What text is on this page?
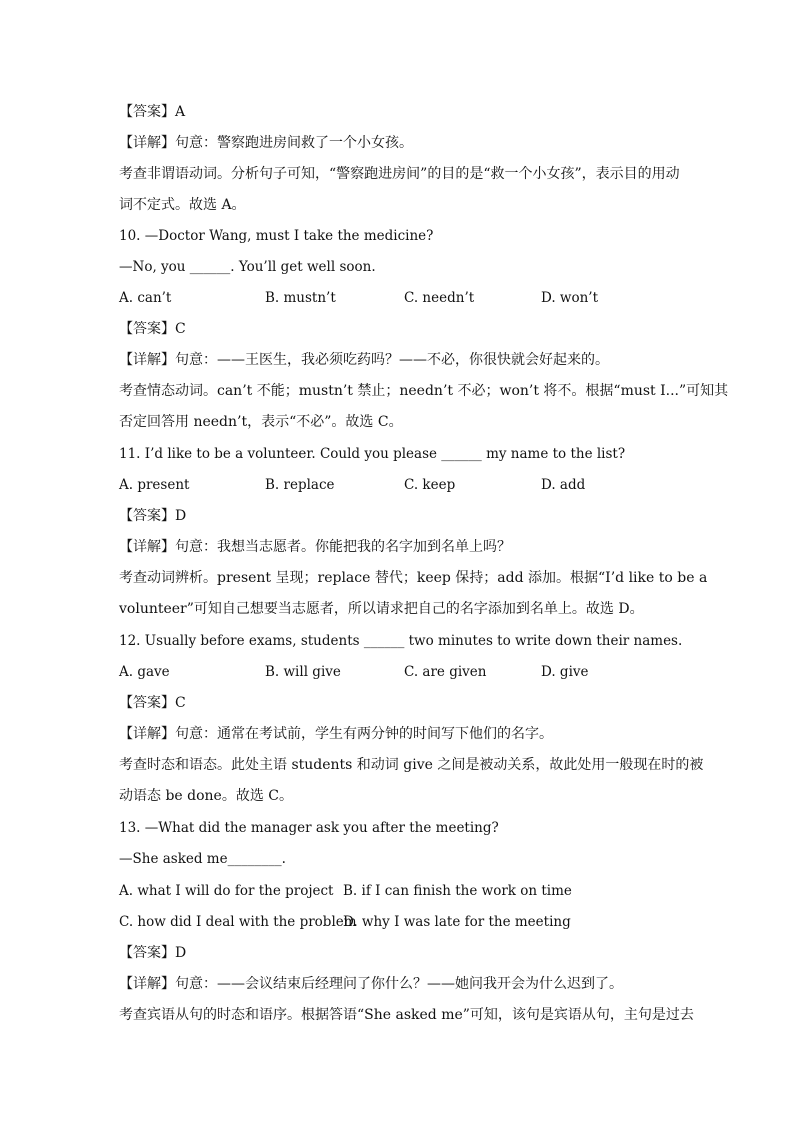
【答案】A
【详解】句意：警察跑进房间救了一个小女孩。
考查非谓语动词。分析句子可知，“警察跑进房间”的目的是“救一个小女孩”，表示目的用动
词不定式。故选 A。
10. —Doctor Wang, must I take the medicine?
—No, you ______. You’ll get well soon.
A. can’t	B. mustn’t	C. needn’t	D. won’t
【答案】C
【详解】句意：——王医生，我必须吃药吗？——不必，你很快就会好起来的。
考查情态动词。can’t 不能；mustn’t 禁止；needn’t 不必；won’t 将不。根据“must I...”可知其
否定回答用 needn’t，表示“不必”。故选 C。
11. I’d like to be a volunteer. Could you please ______ my name to the list?
A. present	B. replace	C. keep	D. add
【答案】D
【详解】句意：我想当志愿者。你能把我的名字加到名单上吗？
考查动词辨析。present 呈现；replace 替代；keep 保持；add 添加。根据“I’d like to be a
volunteer”可知自己想要当志愿者，所以请求把自己的名字添加到名单上。故选 D。
12. Usually before exams, students ______ two minutes to write down their names.
A. gave	B. will give	C. are given	D. give
【答案】C
【详解】句意：通常在考试前，学生有两分钟的时间写下他们的名字。
考查时态和语态。此处主语 students 和动词 give 之间是被动关系，故此处用一般现在时的被
动语态 be done。故选 C。
13. —What did the manager ask you after the meeting?
—She asked me________.
A. what I will do for the project B. if I can finish the work on time
C. how did I deal with the problem
D. why I was late for the meeting
【答案】D
【详解】句意：——会议结束后经理问了你什么？——她问我开会为什么迟到了。
考查宾语从句的时态和语序。根据答语“She asked me”可知，该句是宾语从句，主句是过去
